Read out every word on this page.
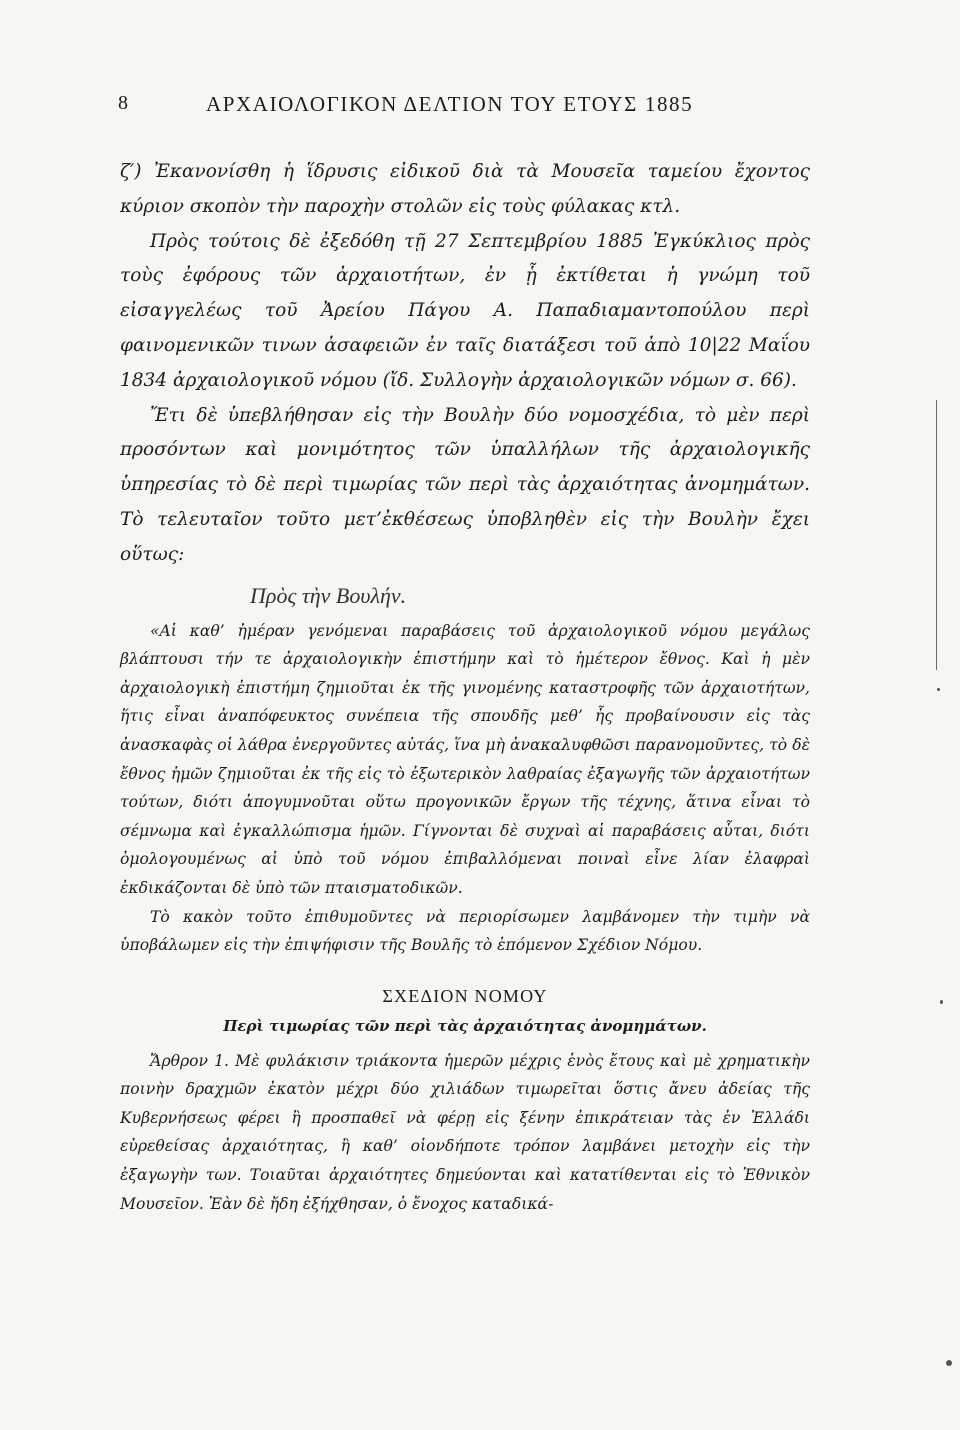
8	ΑΡΧΑΙΟΛΟΓΙΚΟΝ ΔΕΛΤΙΟΝ ΤΟΥ ΕΤΟΥΣ 1885

ζ′) Ἐκανονίσθη ἡ ἵδρυσις εἰδικοῦ διὰ τὰ Μουσεῖα ταμείου ἔχοντος κύριον σκοπὸν τὴν παροχὴν στολῶν εἰς τοὺς φύλακας κτλ.

Πρὸς τούτοις δὲ ἐξεδόθη τῇ 27 Σεπτεμβρίου 1885 Ἐγκύκλιος πρὸς τοὺς ἐφόρους τῶν ἀρχαιοτήτων, ἐν ᾗ ἐκτίθεται ἡ γνώμη τοῦ εἰσαγγελέως τοῦ Ἀρείου Πάγου Α. Παπαδιαμαντοπούλου περὶ φαινομενικῶν τινων ἀσαφειῶν ἐν ταῖς διατάξεσι τοῦ ἀπὸ 10|22 Μαΐου 1834 ἀρχαιολογικοῦ νόμου (ἴδ. Συλλογὴν ἀρχαιολογικῶν νόμων σ. 66).

Ἔτι δὲ ὑπεβλήθησαν εἰς τὴν Βουλὴν δύο νομοσχέδια, τὸ μὲν περὶ προσόντων καὶ μονιμότητος τῶν ὑπαλλήλων τῆς ἀρχαιολογικῆς ὑπηρεσίας τὸ δὲ περὶ τιμωρίας τῶν περὶ τὰς ἀρχαιότητας ἀνομημάτων. Τὸ τελευταῖον τοῦτο μετ’ἐκθέσεως ὑποβληθὲν εἰς τὴν Βουλὴν ἔχει οὕτως:

Πρὸς τὴν Βουλήν.

«Αἱ καθ’ ἡμέραν γενόμεναι παραβάσεις τοῦ ἀρχαιολογικοῦ νόμου μεγάλως βλάπτουσι τήν τε ἀρχαιολογικὴν ἐπιστήμην καὶ τὸ ἡμέτερον ἔθνος. Καὶ ἡ μὲν ἀρχαιολογικὴ ἐπιστήμη ζημιοῦται ἐκ τῆς γινομένης καταστροφῆς τῶν ἀρχαιοτήτων, ἥτις εἶναι ἀναπόφευκτος συνέπεια τῆς σπουδῆς μεθ’ ἧς προβαίνουσιν εἰς τὰς ἀνασκαφὰς οἱ λάθρα ἐνεργοῦντες αὐτάς, ἵνα μὴ ἀνακαλυφθῶσι παρανομοῦντες, τὸ δὲ ἔθνος ἡμῶν ζημιοῦται ἐκ τῆς εἰς τὸ ἐξωτερικὸν λαθραίας ἐξαγωγῆς τῶν ἀρχαιοτήτων τούτων, διότι ἀπογυμνοῦται οὕτω προγονικῶν ἔργων τῆς τέχνης, ἅτινα εἶναι τὸ σέμνωμα καὶ ἐγκαλλώπισμα ἡμῶν. Γίγνονται δὲ συχναὶ αἱ παραβάσεις αὗται, διότι ὁμολογουμένως αἱ ὑπὸ τοῦ νόμου ἐπιβαλλόμεναι ποιναὶ εἶνε λίαν ἐλαφραὶ ἐκδικάζονται δὲ ὑπὸ τῶν πταισματοδικῶν.

Τὸ κακὸν τοῦτο ἐπιθυμοῦντες νὰ περιορίσωμεν λαμβάνομεν τὴν τιμὴν νὰ ὑποβάλωμεν εἰς τὴν ἐπιψήφισιν τῆς Βουλῆς τὸ ἑπόμενον Σχέδιον Νόμου.

ΣΧΕΔΙΟΝ ΝΟΜΟΥ
Περὶ τιμωρίας τῶν περὶ τὰς ἀρχαιότητας ἀνομημάτων.

Ἄρθρον 1. Μὲ φυλάκισιν τριάκοντα ἡμερῶν μέχρις ἑνὸς ἔτους καὶ μὲ χρηματικὴν ποινὴν δραχμῶν ἑκατὸν μέχρι δύο χιλιάδων τιμωρεῖται ὅστις ἄνευ ἀδείας τῆς Κυβερνήσεως φέρει ἢ προσπαθεῖ νὰ φέρῃ εἰς ξένην ἐπικράτειαν τὰς ἐν Ἑλλάδι εὑρεθείσας ἀρχαιότητας, ἢ καθ’ οἱονδήποτε τρόπον λαμβάνει μετοχὴν εἰς τὴν ἐξαγωγὴν των. Τοιαῦται ἀρχαιότητες δημεύονται καὶ κατατίθενται εἰς τὸ Ἐθνικὸν Μουσεῖον. Ἐὰν δὲ ἤδη ἐξήχθησαν, ὁ ἔνοχος καταδικά-
